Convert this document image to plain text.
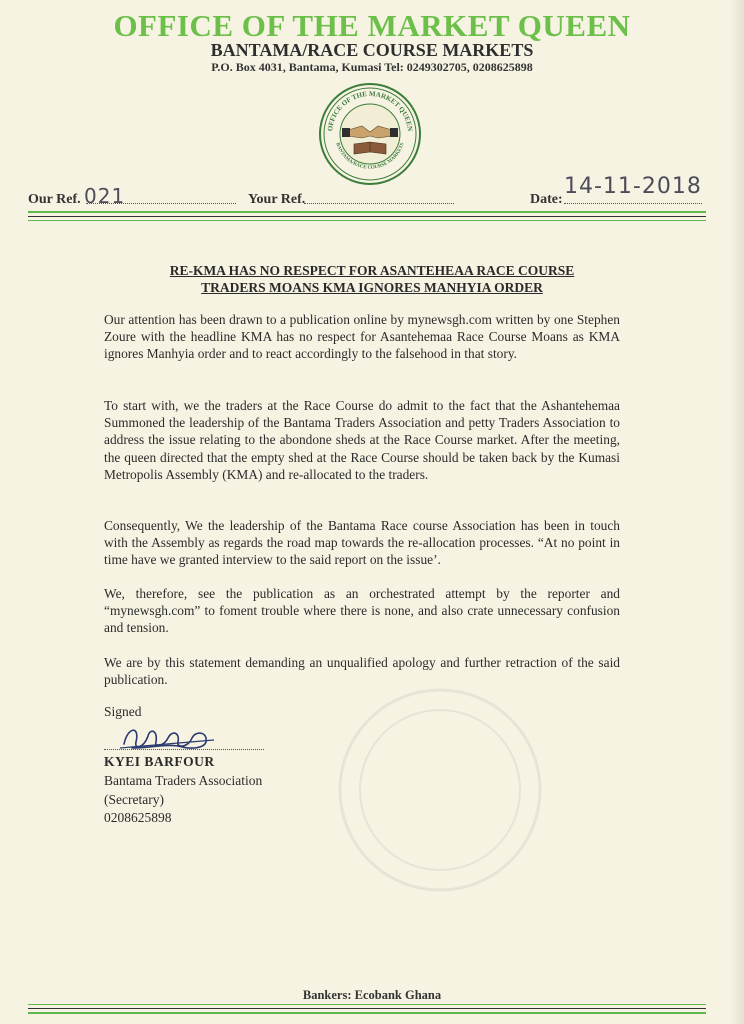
OFFICE OF THE MARKET QUEEN
BANTAMA/RACE COURSE MARKETS
P.O. Box 4031, Bantama, Kumasi Tel: 0249302705, 0208625898
OFFICE OF THE MARKET QUEEN
BANTAMA/RACE COURSE MARKETS
Our Ref. 021	Your Ref.	Date:
14-11-2018
RE-KMA HAS NO RESPECT FOR ASANTEHEAA RACE COURSE
TRADERS MOANS KMA IGNORES MANHYIA ORDER

Our attention has been drawn to a publication online by mynewsgh.com written by one Stephen Zoure with the headline KMA has no respect for Asantehemaa Race Course Moans as KMA ignores Manhyia order and to react accordingly to the falsehood in that story.

To start with, we the traders at the Race Course do admit to the fact that the Ashantehemaa Summoned the leadership of the Bantama Traders Association and petty Traders Association to address the issue relating to the abondone sheds at the Race Course market. After the meeting, the queen directed that the empty shed at the Race Course should be taken back by the Kumasi Metropolis Assembly (KMA) and re-allocated to the traders.

Consequently, We the leadership of the Bantama Race course Association has been in touch with the Assembly as regards the road map towards the re-allocation processes. “At no point in time have we granted interview to the said report on the issue’.

We, therefore, see the publication as an orchestrated attempt by the reporter and “mynewsgh.com” to foment trouble where there is none, and also crate unnecessary confusion and tension.

We are by this statement demanding an unqualified apology and further retraction of the said publication.

Signed
KYEI BARFOUR
Bantama Traders Association
(Secretary)
0208625898
Bankers: Ecobank Ghana
